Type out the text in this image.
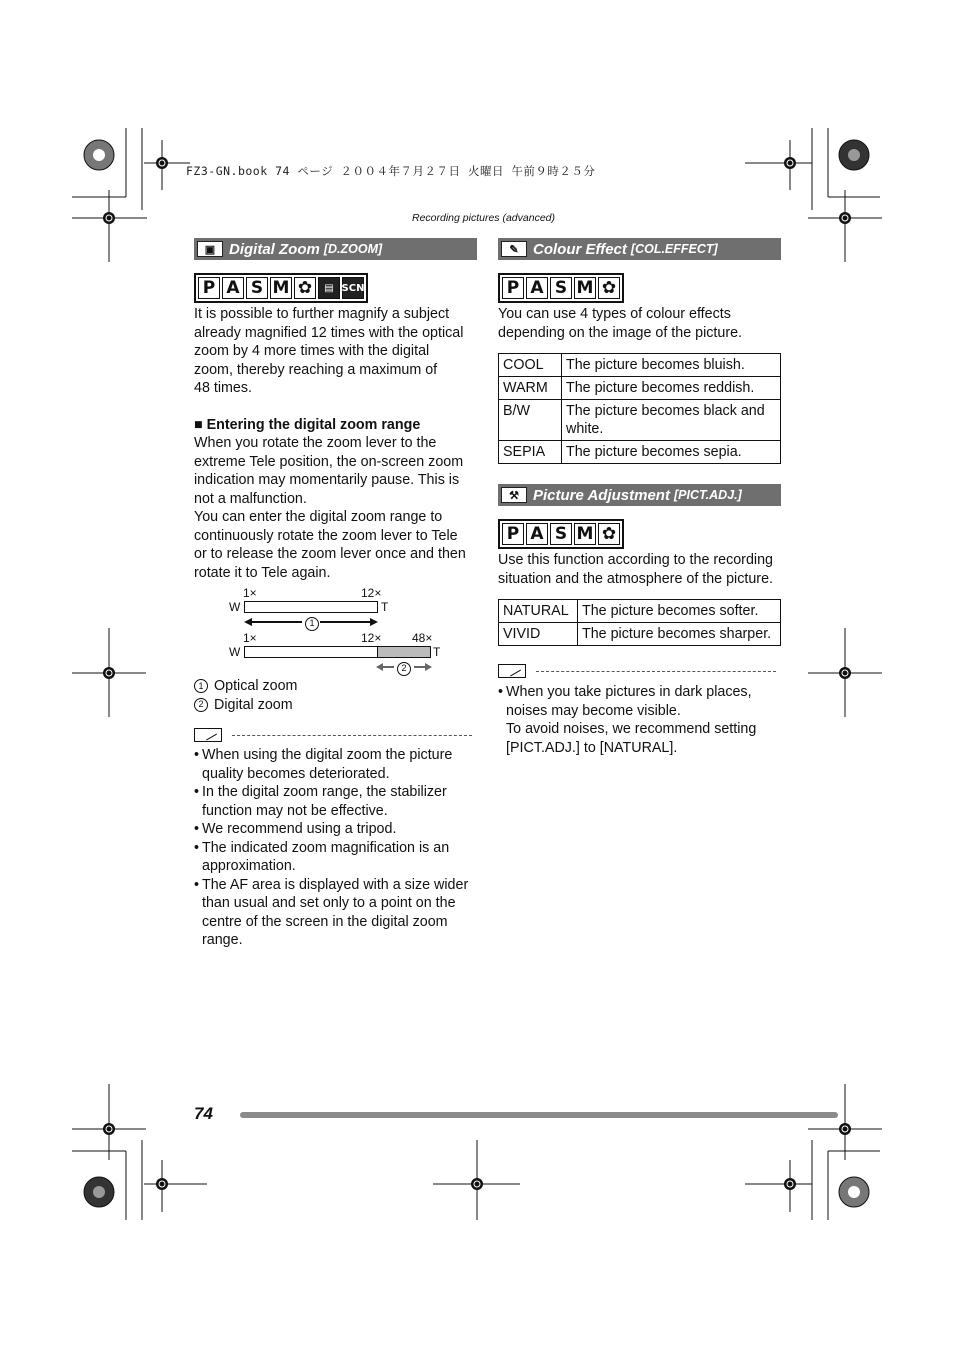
FZ3-GN.book 74 ページ ２００４年７月２７日 火曜日 午前９時２５分
Recording pictures (advanced)
▣ Digital Zoom [D.ZOOM]
P A S M ✿	▤ SCN

It is possible to further magnify a subject

already magnified 12 times with the optical

zoom by 4 more times with the digital

zoom, thereby reaching a maximum of

48 times.

■ Entering the digital zoom range

When you rotate the zoom lever to the

extreme Tele position, the on-screen zoom

indication may momentarily pause. This is

not a malfunction.

You can enter the digital zoom range to

continuously rotate the zoom lever to Tele

or to release the zoom lever once and then

rotate it to Tele again.

1×	12×
W	T
1
1×	12×	48×
W	T
2

1 Optical zoom

2 Digital zoom

• When using the digital zoom the picture
quality becomes deteriorated.
• In the digital zoom range, the stabilizer
function may not be effective.
• We recommend using a tripod.
• The indicated zoom magnification is an
approximation.
• The AF area is displayed with a size wider
than usual and set only to a point on the
centre of the screen in the digital zoom
range.
✎ Colour Effect [COL.EFFECT]
P A S M ✿

You can use 4 types of colour effects

depending on the image of the picture.

COOL	The picture becomes bluish.

WARM	The picture becomes reddish.

B/W	The picture becomes black and
white.

SEPIA	The picture becomes sepia.
⚒ Picture Adjustment [PICT.ADJ.]
P A S M ✿

Use this function according to the recording

situation and the atmosphere of the picture.

NATURAL	The picture becomes softer.
VIVID	The picture becomes sharper.
• When you take pictures in dark places,
noises may become visible.
To avoid noises, we recommend setting
[PICT.ADJ.] to [NATURAL].
74
